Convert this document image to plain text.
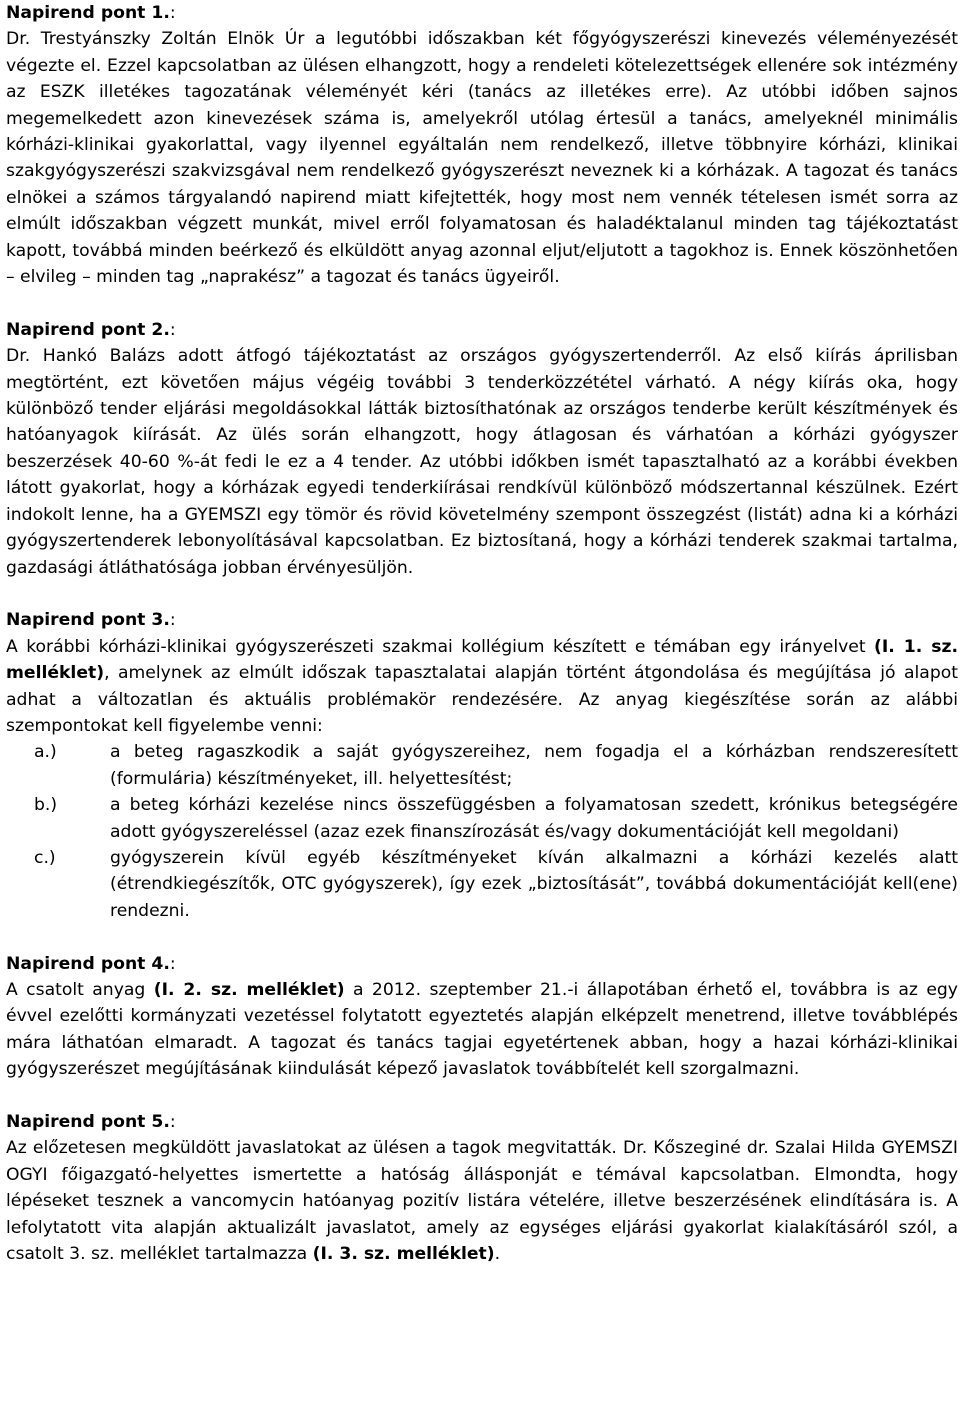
Napirend pont 1.:

Dr. Trestyánszky Zoltán Elnök Úr a legutóbbi időszakban két főgyógyszerészi kinevezés véleményezését végezte el. Ezzel kapcsolatban az ülésen elhangzott, hogy a rendeleti kötelezettségek ellenére sok intézmény az ESZK illetékes tagozatának véleményét kéri (tanács az illetékes erre). Az utóbbi időben sajnos megemelkedett azon kinevezések száma is, amelyekről utólag értesül a tanács, amelyeknél minimális kórházi-klinikai gyakorlattal, vagy ilyennel egyáltalán nem rendelkező, illetve többnyire kórházi, klinikai szakgyógyszerészi szakvizsgával nem rendelkező gyógyszerészt neveznek ki a kórházak. A tagozat és tanács elnökei a számos tárgyalandó napirend miatt kifejtették, hogy most nem vennék tételesen ismét sorra az elmúlt időszakban végzett munkát, mivel erről folyamatosan és haladéktalanul minden tag tájékoztatást kapott, továbbá minden beérkező és elküldött anyag azonnal eljut/eljutott a tagokhoz is. Ennek köszönhetően – elvileg – minden tag „naprakész” a tagozat és tanács ügyeiről.

Napirend pont 2.:

Dr. Hankó Balázs adott átfogó tájékoztatást az országos gyógyszertenderről. Az első kiírás áprilisban megtörtént, ezt követően május végéig további 3 tenderközzététel várható. A négy kiírás oka, hogy különböző tender eljárási megoldásokkal látták biztosíthatónak az országos tenderbe került készítmények és hatóanyagok kiírását. Az ülés során elhangzott, hogy átlagosan és várhatóan a kórházi gyógyszer beszerzések 40-60 %-át fedi le ez a 4 tender. Az utóbbi időkben ismét tapasztalható az a korábbi években látott gyakorlat, hogy a kórházak egyedi tenderkiírásai rendkívül különböző módszertannal készülnek. Ezért indokolt lenne, ha a GYEMSZI egy tömör és rövid követelmény szempont összegzést (listát) adna ki a kórházi gyógyszertenderek lebonyolításával kapcsolatban. Ez biztosítaná, hogy a kórházi tenderek szakmai tartalma, gazdasági átláthatósága jobban érvényesüljön.

Napirend pont 3.:

A korábbi kórházi-klinikai gyógyszerészeti szakmai kollégium készített e témában egy irányelvet (I. 1. sz. melléklet), amelynek az elmúlt időszak tapasztalatai alapján történt átgondolása és megújítása jó alapot adhat a változatlan és aktuális problémakör rendezésére. Az anyag kiegészítése során az alábbi szempontokat kell figyelembe venni:

a.)	a beteg ragaszkodik a saját gyógyszereihez, nem fogadja el a kórházban rendszeresített (formulária) készítményeket, ill. helyettesítést;
b.)	a beteg kórházi kezelése nincs összefüggésben a folyamatosan szedett, krónikus betegségére adott gyógyszereléssel (azaz ezek finanszírozását és/vagy dokumentációját kell megoldani)
c.)	gyógyszerein kívül egyéb készítményeket kíván alkalmazni a kórházi kezelés alatt (étrendkiegészítők, OTC gyógyszerek), így ezek „biztosítását”, továbbá dokumentációját kell(ene) rendezni.

Napirend pont 4.:

A csatolt anyag (I. 2. sz. melléklet) a 2012. szeptember 21.-i állapotában érhető el, továbbra is az egy évvel ezelőtti kormányzati vezetéssel folytatott egyeztetés alapján elképzelt menetrend, illetve továbblépés mára láthatóan elmaradt. A tagozat és tanács tagjai egyetértenek abban, hogy a hazai kórházi-klinikai gyógyszerészet megújításának kiindulását képező javaslatok továbbítelét kell szorgalmazni.

Napirend pont 5.:

Az előzetesen megküldött javaslatokat az ülésen a tagok megvitatták. Dr. Kőszeginé dr. Szalai Hilda GYEMSZI OGYI főigazgató-helyettes ismertette a hatóság állásponját e témával kapcsolatban. Elmondta, hogy lépéseket tesznek a vancomycin hatóanyag pozitív listára vételére, illetve beszerzésének elindítására is. A lefolytatott vita alapján aktualizált javaslatot, amely az egységes eljárási gyakorlat kialakításáról szól, a csatolt 3. sz. melléklet tartalmazza (I. 3. sz. melléklet).
